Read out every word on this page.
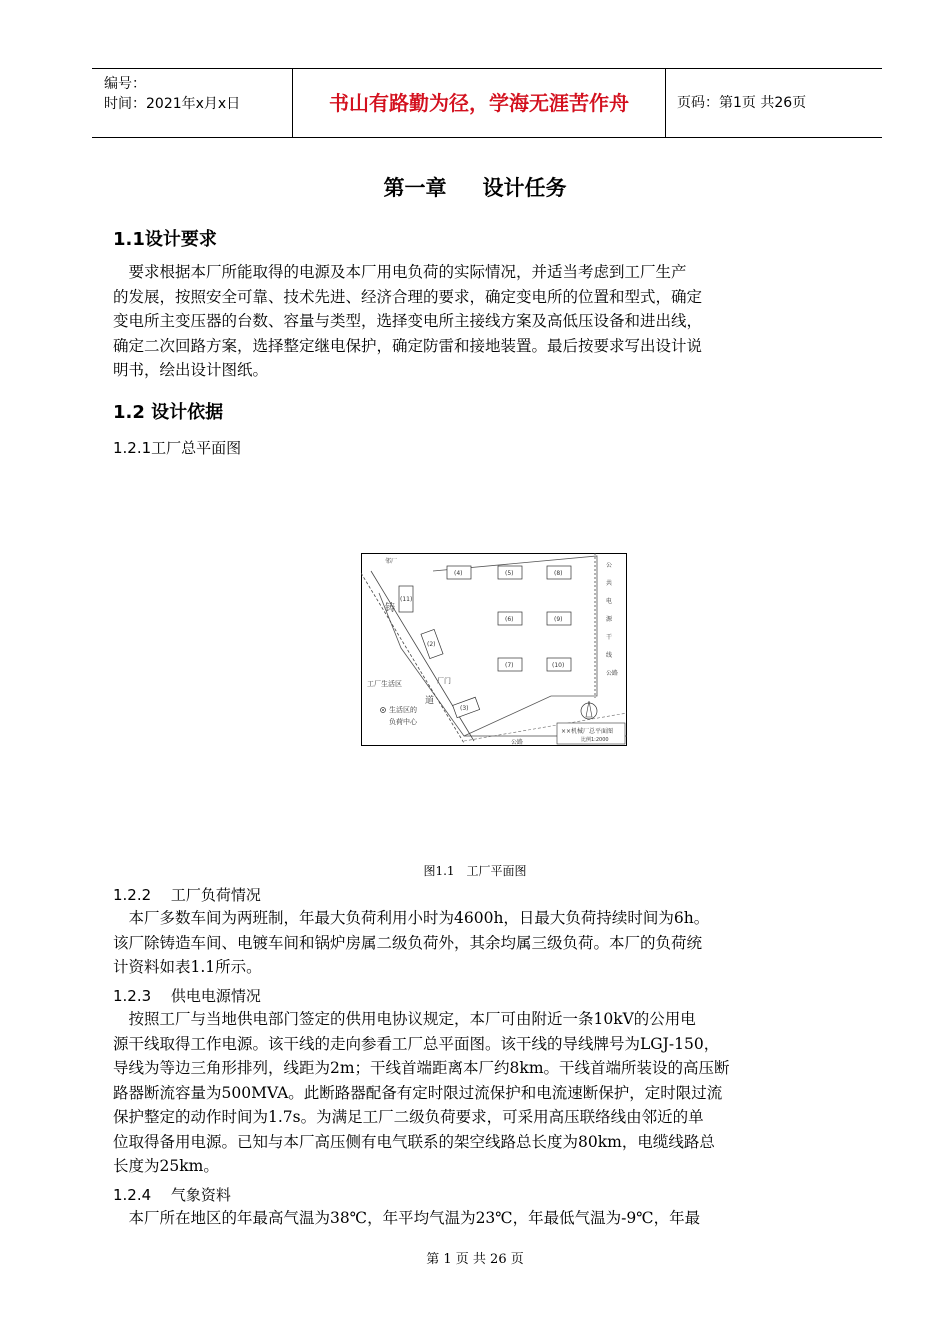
编号：
时间：2021年x月x日	书山有路勤为径，学海无涯苦作舟	页码：第1页 共26页
第一章 设计任务
1.1设计要求
　要求根据本厂所能取得的电源及本厂用电负荷的实际情况，并适当考虑到工厂生产
的发展，按照安全可靠、技术先进、经济合理的要求，确定变电所的位置和型式，确定
变电所主变压器的台数、容量与类型，选择变电所主接线方案及高低压设备和进出线，
确定二次回路方案，选择整定继电保护，确定防雷和接地装置。最后按要求写出设计说
明书，绘出设计图纸。
1.2 设计依据
1.2.1工厂总平面图
(4)	(5)	(8)
(11)
(2)
(6)	(9)
(7)	(10)
(3)
邻厂
铸
道
工厂生活区	厂门
生活区的
负荷中心
公
共
电
源
干
线
公路
公路
××机械厂总平面图
比例1:2000
图1.1　工厂平面图
1.2.2　 工厂负荷情况
　本厂多数车间为两班制，年最大负荷利用小时为4600h，日最大负荷持续时间为6h。
该厂除铸造车间、电镀车间和锅炉房属二级负荷外，其余均属三级负荷。本厂的负荷统
计资料如表1.1所示。
1.2.3　 供电电源情况
　按照工厂与当地供电部门签定的供用电协议规定，本厂可由附近一条10kV的公用电
源干线取得工作电源。该干线的走向参看工厂总平面图。该干线的导线牌号为LGJ-150，
导线为等边三角形排列，线距为2m；干线首端距离本厂约8km。干线首端所装设的高压断
路器断流容量为500MVA。此断路器配备有定时限过流保护和电流速断保护，定时限过流
保护整定的动作时间为1.7s。为满足工厂二级负荷要求，可采用高压联络线由邻近的单
位取得备用电源。已知与本厂高压侧有电气联系的架空线路总长度为80km，电缆线路总
长度为25km。
1.2.4　 气象资料
　本厂所在地区的年最高气温为38℃，年平均气温为23℃，年最低气温为-9℃，年最
第 1 页 共 26 页
